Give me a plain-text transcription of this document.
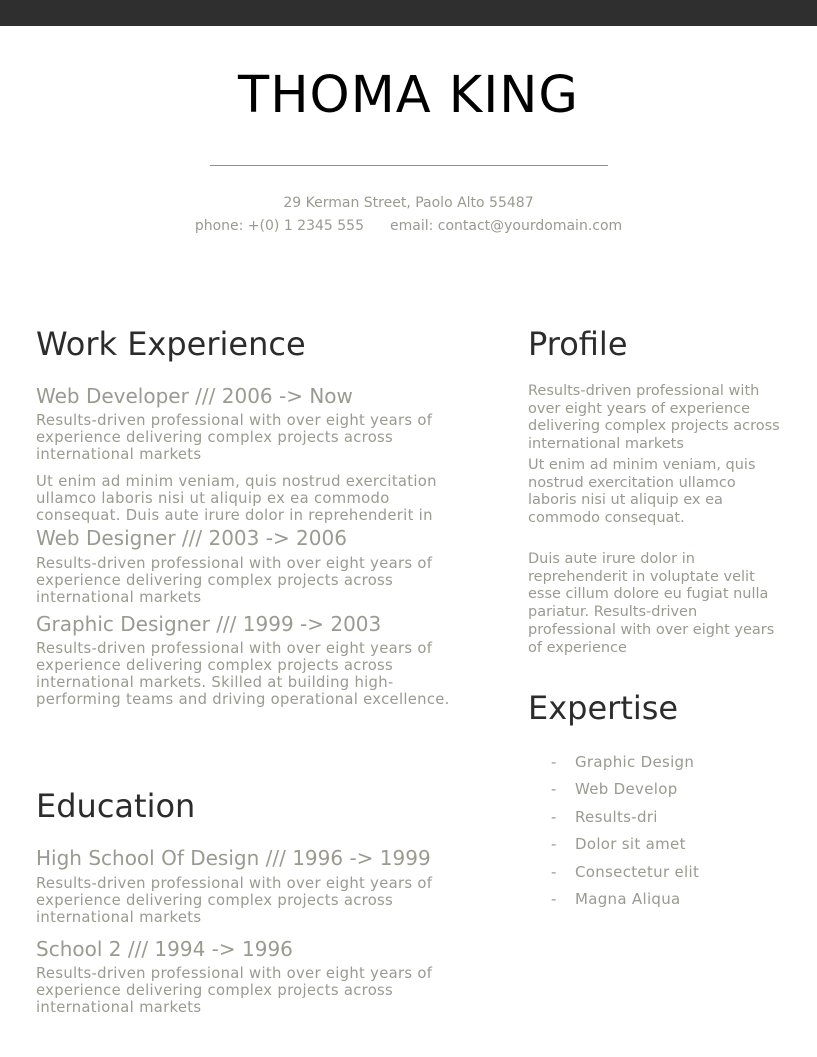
THOMA KING
29 Kerman Street, Paolo Alto 55487
phone: +(0) 1 2345 555 email: contact@yourdomain.com
Work Experience
Web Developer /// 2006 -> Now
Results-driven professional with over eight years of experience delivering complex projects across international markets
Ut enim ad minim veniam, quis nostrud exercitation ullamco laboris nisi ut aliquip ex ea commodo consequat. Duis aute irure dolor in reprehenderit in
Web Designer /// 2003 -> 2006
Results-driven professional with over eight years of experience delivering complex projects across international markets
Graphic Designer /// 1999 -> 2003
Results-driven professional with over eight years of experience delivering complex projects across international markets. Skilled at building high-performing teams and driving operational excellence.
Education
High School Of Design /// 1996 -> 1999
Results-driven professional with over eight years of experience delivering complex projects across international markets
School 2 /// 1994 -> 1996
Results-driven professional with over eight years of experience delivering complex projects across international markets
Profile
Results-driven professional with over eight years of experience delivering complex projects across international markets
Ut enim ad minim veniam, quis nostrud exercitation ullamco laboris nisi ut aliquip ex ea commodo consequat.
Duis aute irure dolor in reprehenderit in voluptate velit esse cillum dolore eu fugiat nulla pariatur. Results-driven professional with over eight years of experience
Expertise
- Graphic Design
- Web Develop
- Results-dri
- Dolor sit amet
- Consectetur elit
- Magna Aliqua
